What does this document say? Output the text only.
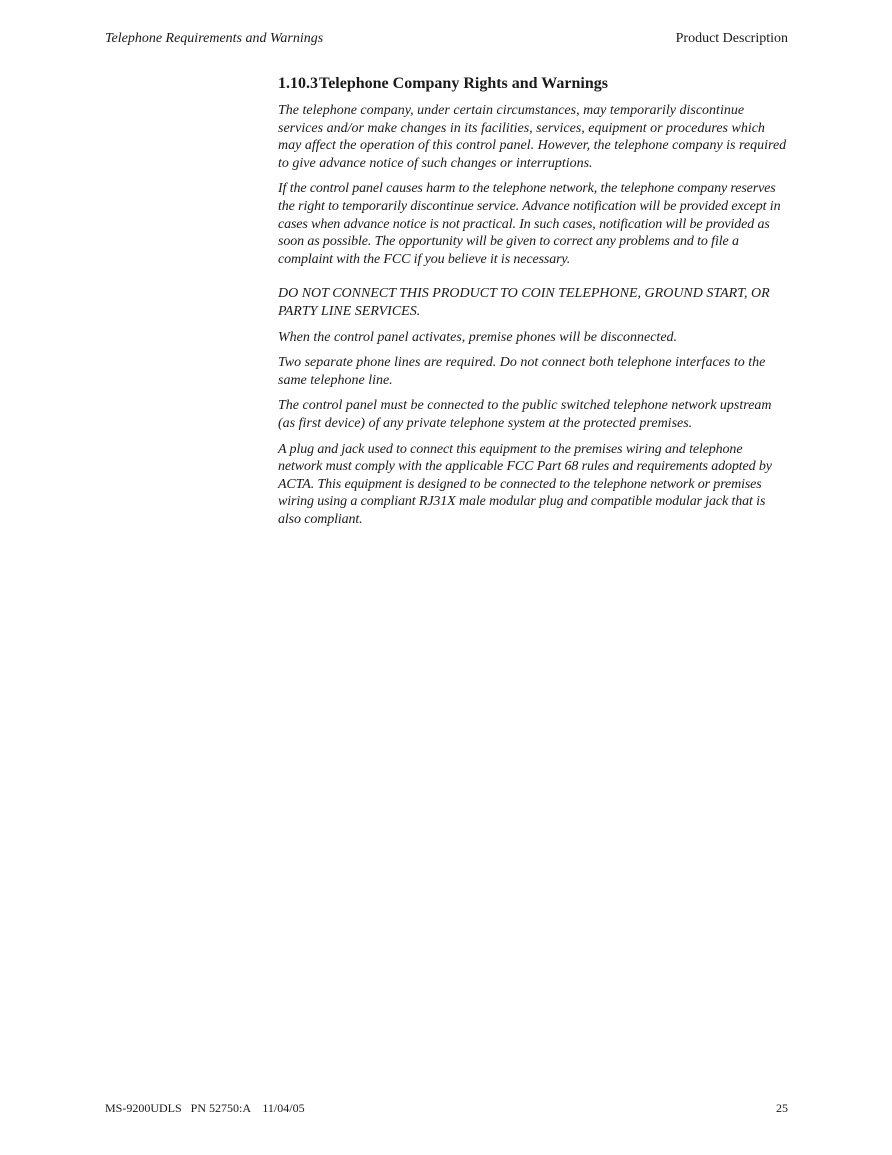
Telephone Requirements and Warnings	Product Description
1.10.3Telephone Company Rights and Warnings

The telephone company, under certain circumstances, may temporarily discontinue services and/or make changes in its facilities, services, equipment or procedures which may affect the operation of this control panel. However, the telephone company is required to give advance notice of such changes or interruptions.

If the control panel causes harm to the telephone network, the telephone company reserves the right to temporarily discontinue service. Advance notification will be provided except in cases when advance notice is not practical. In such cases, notification will be provided as soon as possible. The opportunity will be given to correct any problems and to file a complaint with the FCC if you believe it is necessary.

DO NOT CONNECT THIS PRODUCT TO COIN TELEPHONE, GROUND START, OR PARTY LINE SERVICES.

When the control panel activates, premise phones will be disconnected.

Two separate phone lines are required. Do not connect both telephone interfaces to the same telephone line.

The control panel must be connected to the public switched telephone network upstream (as first device) of any private telephone system at the protected premises.

A plug and jack used to connect this equipment to the premises wiring and telephone network must comply with the applicable FCC Part 68 rules and requirements adopted by ACTA. This equipment is designed to be connected to the telephone network or premises wiring using a compliant RJ31X male modular plug and compatible modular jack that is also compliant.

MS-9200UDLS   PN 52750:A    11/04/05	25
